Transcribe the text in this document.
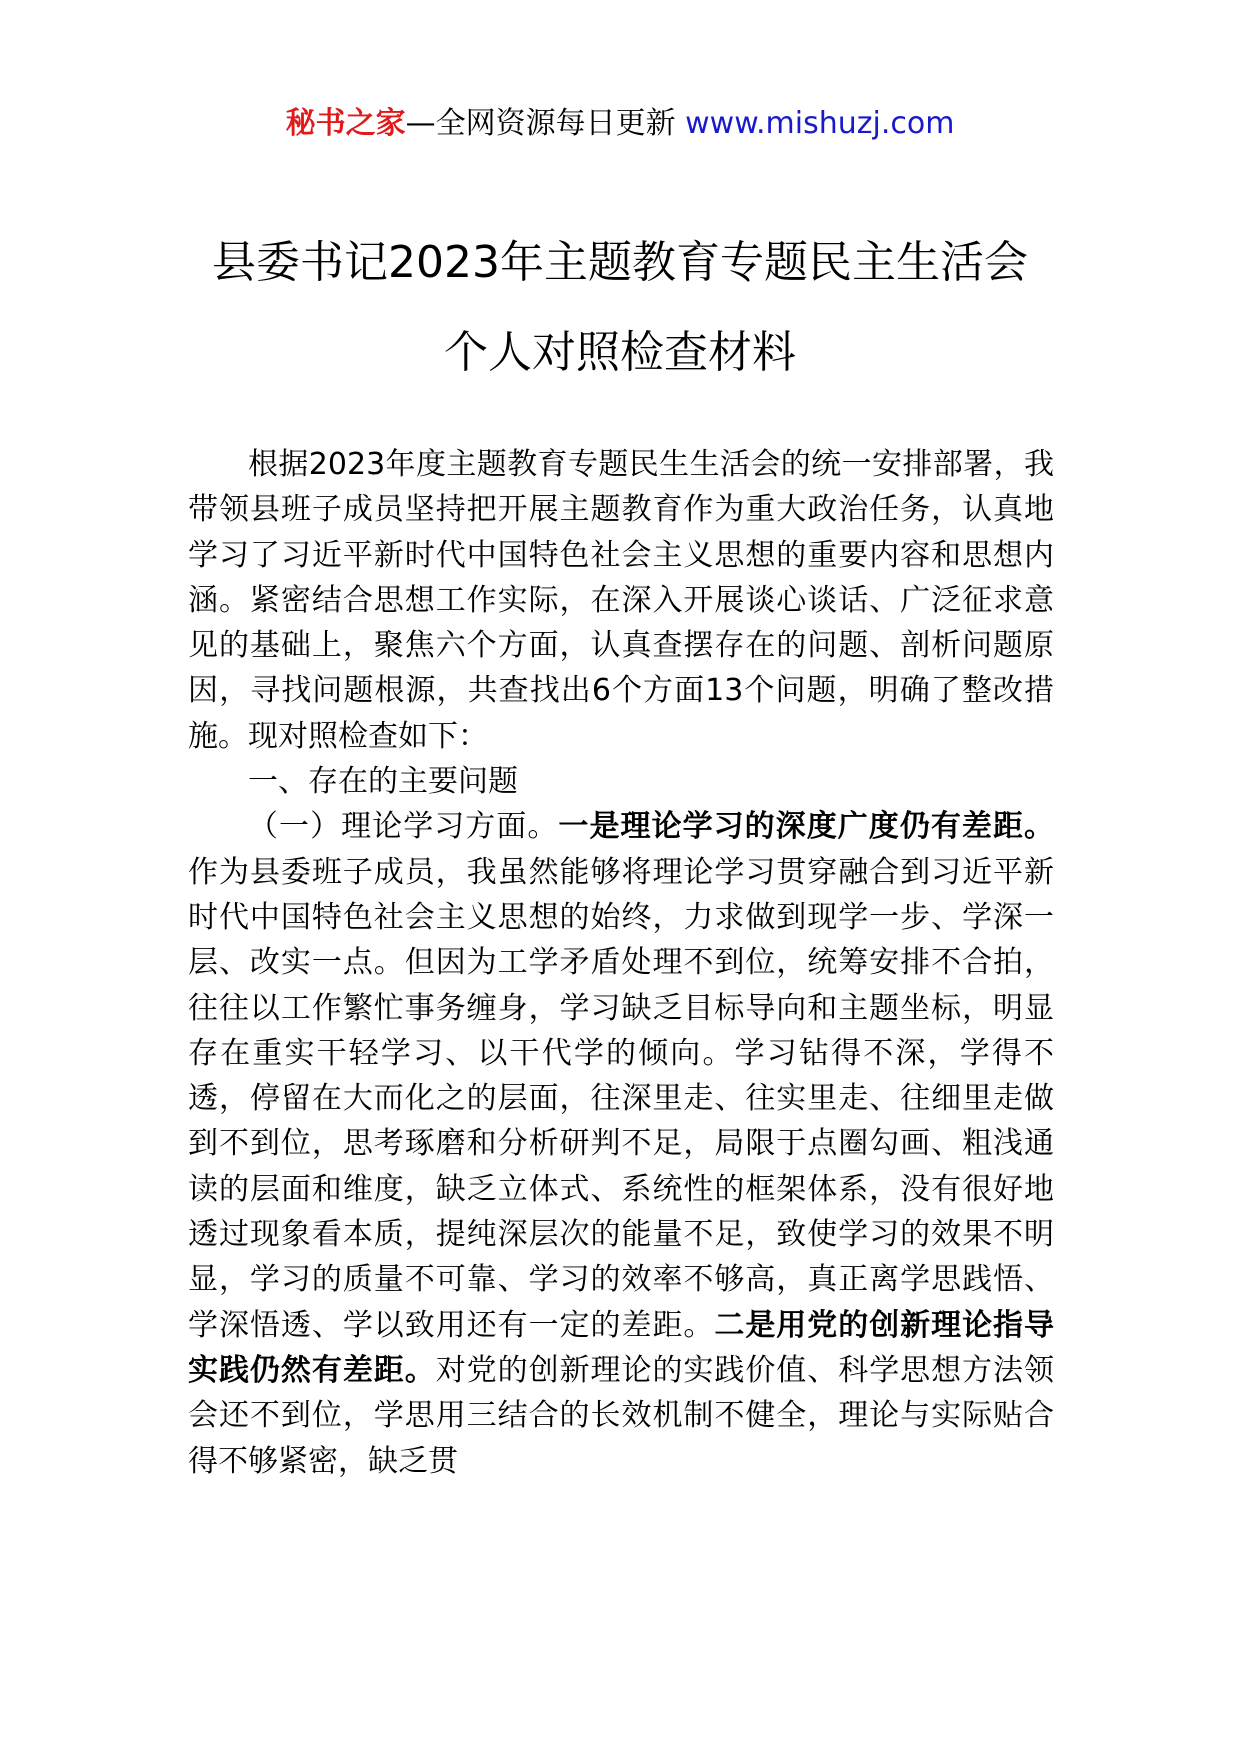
秘书之家—全网资源每日更新 www.mishuzj.com
县委书记2023年主题教育专题民主生活会
个人对照检查材料

根据2023年度主题教育专题民生生活会的统一安排部署，我带领县班子成员坚持把开展主题教育作为重大政治任务，认真地学习了习近平新时代中国特色社会主义思想的重要内容和思想内涵。紧密结合思想工作实际，在深入开展谈心谈话、广泛征求意见的基础上，聚焦六个方面，认真查摆存在的问题、剖析问题原因，寻找问题根源，共查找出6个方面13个问题，明确了整改措施。现对照检查如下：

一、存在的主要问题

（一）理论学习方面。一是理论学习的深度广度仍有差距。作为县委班子成员，我虽然能够将理论学习贯穿融合到习近平新时代中国特色社会主义思想的始终，力求做到现学一步、学深一层、改实一点。但因为工学矛盾处理不到位，统筹安排不合拍，往往以工作繁忙事务缠身，学习缺乏目标导向和主题坐标，明显存在重实干轻学习、以干代学的倾向。学习钻得不深，学得不透，停留在大而化之的层面，往深里走、往实里走、往细里走做到不到位，思考琢磨和分析研判不足，局限于点圈勾画、粗浅通读的层面和维度，缺乏立体式、系统性的框架体系，没有很好地透过现象看本质，提纯深层次的能量不足，致使学习的效果不明显，学习的质量不可靠、学习的效率不够高，真正离学思践悟、学深悟透、学以致用还有一定的差距。二是用党的创新理论指导实践仍然有差距。对党的创新理论的实践价值、科学思想方法领会还不到位，学思用三结合的长效机制不健全，理论与实际贴合得不够紧密，缺乏贯
